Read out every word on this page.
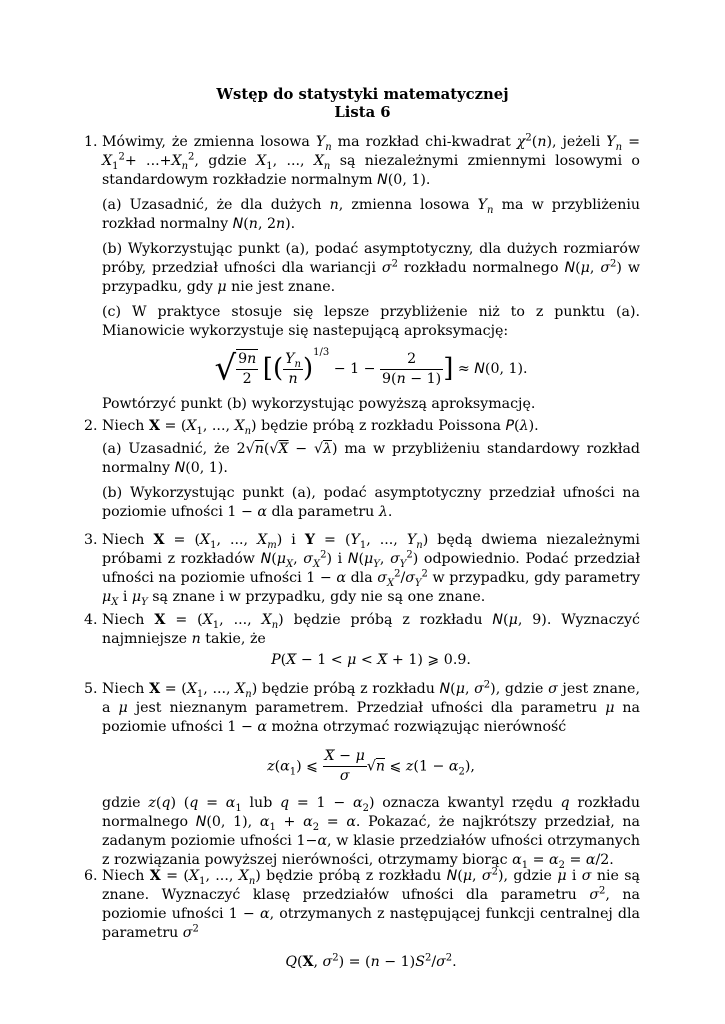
Wstęp do statystyki matematycznej
Lista 6
1. Mówimy, że zmienna losowa $Y_n$ ma rozkład chi-kwadrat $\chi^2(n)$, jeżeli $Y_n = X_1^2+ ...+X_n^2$, gdzie $X_1$, ..., $X_n$ są niezależnymi zmiennymi losowymi o standardowym rozkładzie normalnym N(0, 1).

(a) Uzasadnić, że dla dużych n, zmienna losowa $Y_n$ ma w przybliżeniu rozkład normalny N(n, 2n).

(b) Wykorzystując punkt (a), podać asymptotyczny, dla dużych rozmiarów próby, przedział ufności dla wariancji $\sigma^2$ rozkładu normalnego N(μ, $\sigma^2$) w przypadku, gdy μ nie jest znane.

(c) W praktyce stosuje się lepsze przybliżenie niż to z punktu (a). Mianowicie wykorzystuje się nastepującą aproksymację:

√ $\frac{9n}{2}$ [( $\frac{Y_n}{n} )^{1/3} - 1 - \frac{2}{9(n - 1)}$ ] ≈ N(0, 1).

Powtórzyć punkt (b) wykorzystując powyższą aproksymację.

2. Niech $X = (X_1$, ..., $X_n$) będzie próbą z rozkładu Poissona P(λ).

(a) Uzasadnić, że 2√n(√X − √λ) ma w przybliżeniu standardowy rozkład normalny N(0, 1).

(b) Wykorzystując punkt (a), podać asymptotyczny przedział ufności na poziomie ufności 1 − α dla parametru λ.

3. Niech $X = (X_1$, ..., $X_m$) i $Y = (Y_1$, ..., $Y_n$) będą dwiema niezależnymi próbami z rozkładów $N(\mu_X$, $\sigma_X^2$) i $N(\mu_Y$, $\sigma_Y^2$) odpowiednio. Podać przedział ufności na poziomie ufności 1 − α dla $\sigma_X^2/\sigma_Y^2$ w przypadku, gdy parametry $\mu_X$ i $\mu_Y$ są znane i w przypadku, gdy nie są one znane.

4. Niech $X = (X_1$, ..., $X_n$) będzie próbą z rozkładu N(μ, 9). Wyznaczyć najmniejsze n takie, że

P(X̄ − 1 < μ < X̄ + 1) ⩾ 0.9.
5. Niech $X = (X_1$, ..., $X_n$) będzie próbą z rozkładu N(μ, $\sigma^2$), gdzie σ jest znane, a μ jest nieznanym parametrem. Przedział ufności dla parametru μ na poziomie ufności 1 − α można otrzymać rozwiązując nierówność

$z(\alpha_1)$ ⩽ $\frac{X̄ - \mu}{\sigma} √n$ ⩽ $z(1 - \alpha_2)$,

gdzie z(q) ($q = \alpha_1$ lub $q = 1 - \alpha_2$) oznacza kwantyl rzędu q rozkładu normalnego N(0, 1), $\alpha_1 + \alpha_2 = \alpha$. Pokazać, że najkrótszy przedział, na zadanym poziomie ufności 1−α, w klasie przedziałów ufności otrzymanych z rozwiązania powyższej nierówności, otrzymamy biorąc $\alpha_1 = \alpha_2 = \alpha/2$.

6. Niech $X = (X_1$, ..., $X_n$) będzie próbą z rozkładu N(μ, $\sigma^2$), gdzie μ i σ nie są znane. Wyznaczyć klasę przedziałów ufności dla parametru $\sigma^2$, na poziomie ufności 1 − α, otrzymanych z następującej funkcji centralnej dla parametru $\sigma^2$

Q(X, $\sigma^2) = (n - 1)S^2/\sigma^2$.
